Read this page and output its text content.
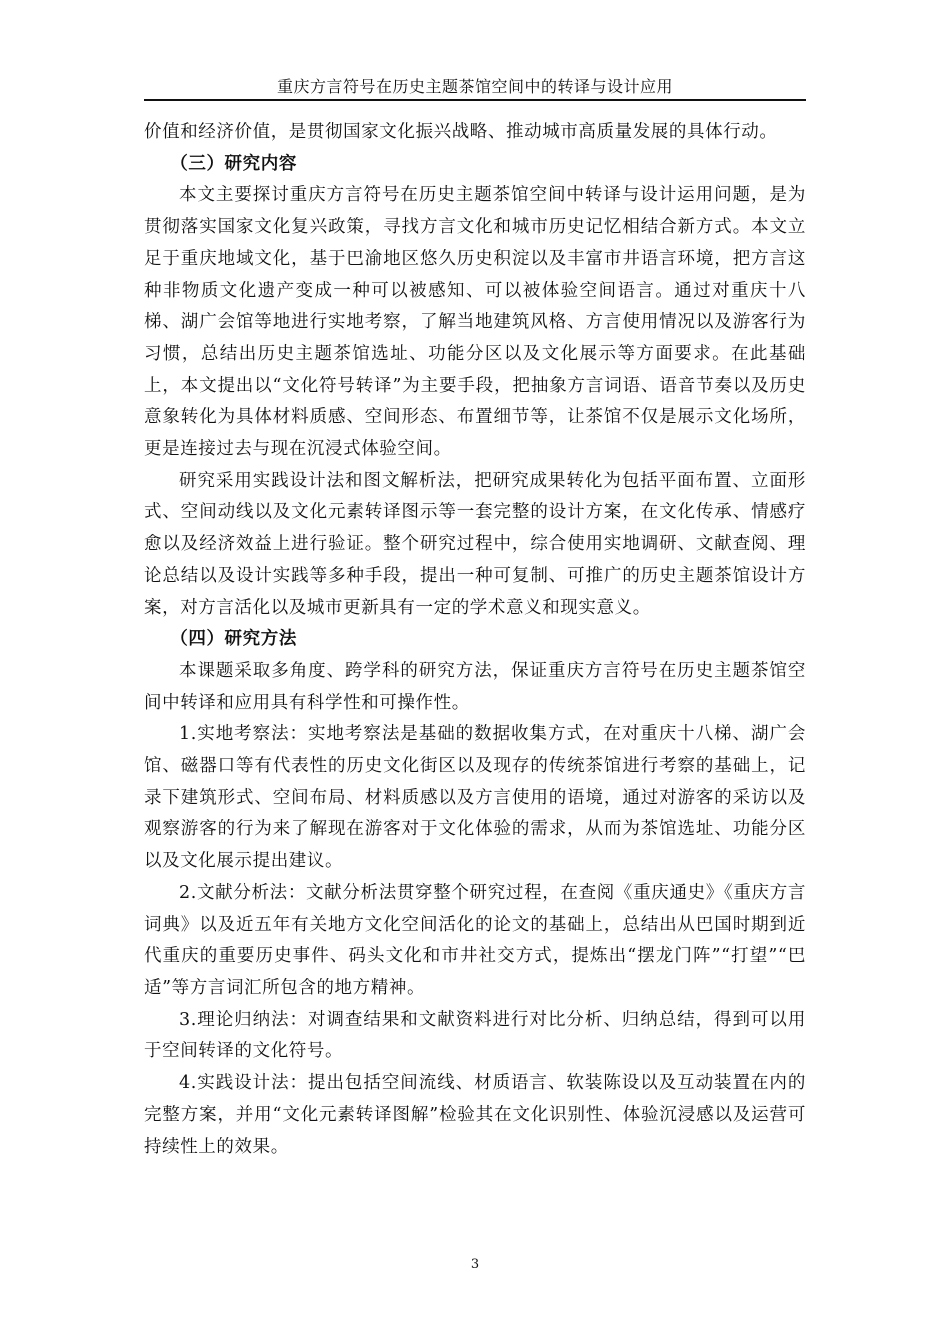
重庆方言符号在历史主题茶馆空间中的转译与设计应用

价值和经济价值，是贯彻国家文化振兴战略、推动城市高质量发展的具体行动。

（三）研究内容

本文主要探讨重庆方言符号在历史主题茶馆空间中转译与设计运用问题，是为贯彻落实国家文化复兴政策，寻找方言文化和城市历史记忆相结合新方式。本文立足于重庆地域文化，基于巴渝地区悠久历史积淀以及丰富市井语言环境，把方言这种非物质文化遗产变成一种可以被感知、可以被体验空间语言。通过对重庆十八梯、湖广会馆等地进行实地考察，了解当地建筑风格、方言使用情况以及游客行为习惯，总结出历史主题茶馆选址、功能分区以及文化展示等方面要求。在此基础上，本文提出以“文化符号转译”为主要手段，把抽象方言词语、语音节奏以及历史意象转化为具体材料质感、空间形态、布置细节等，让茶馆不仅是展示文化场所，更是连接过去与现在沉浸式体验空间。

研究采用实践设计法和图文解析法，把研究成果转化为包括平面布置、立面形式、空间动线以及文化元素转译图示等一套完整的设计方案，在文化传承、情感疗愈以及经济效益上进行验证。整个研究过程中，综合使用实地调研、文献查阅、理论总结以及设计实践等多种手段，提出一种可复制、可推广的历史主题茶馆设计方案，对方言活化以及城市更新具有一定的学术意义和现实意义。

（四）研究方法

本课题采取多角度、跨学科的研究方法，保证重庆方言符号在历史主题茶馆空间中转译和应用具有科学性和可操作性。

1.实地考察法：实地考察法是基础的数据收集方式，在对重庆十八梯、湖广会馆、磁器口等有代表性的历史文化街区以及现存的传统茶馆进行考察的基础上，记录下建筑形式、空间布局、材料质感以及方言使用的语境，通过对游客的采访以及观察游客的行为来了解现在游客对于文化体验的需求，从而为茶馆选址、功能分区以及文化展示提出建议。

2.文献分析法：文献分析法贯穿整个研究过程，在查阅《重庆通史》《重庆方言词典》以及近五年有关地方文化空间活化的论文的基础上，总结出从巴国时期到近代重庆的重要历史事件、码头文化和市井社交方式，提炼出“摆龙门阵”“打望”“巴适”等方言词汇所包含的地方精神。

3.理论归纳法：对调查结果和文献资料进行对比分析、归纳总结，得到可以用于空间转译的文化符号。

4.实践设计法：提出包括空间流线、材质语言、软装陈设以及互动装置在内的完整方案，并用“文化元素转译图解”检验其在文化识别性、体验沉浸感以及运营可持续性上的效果。

3
